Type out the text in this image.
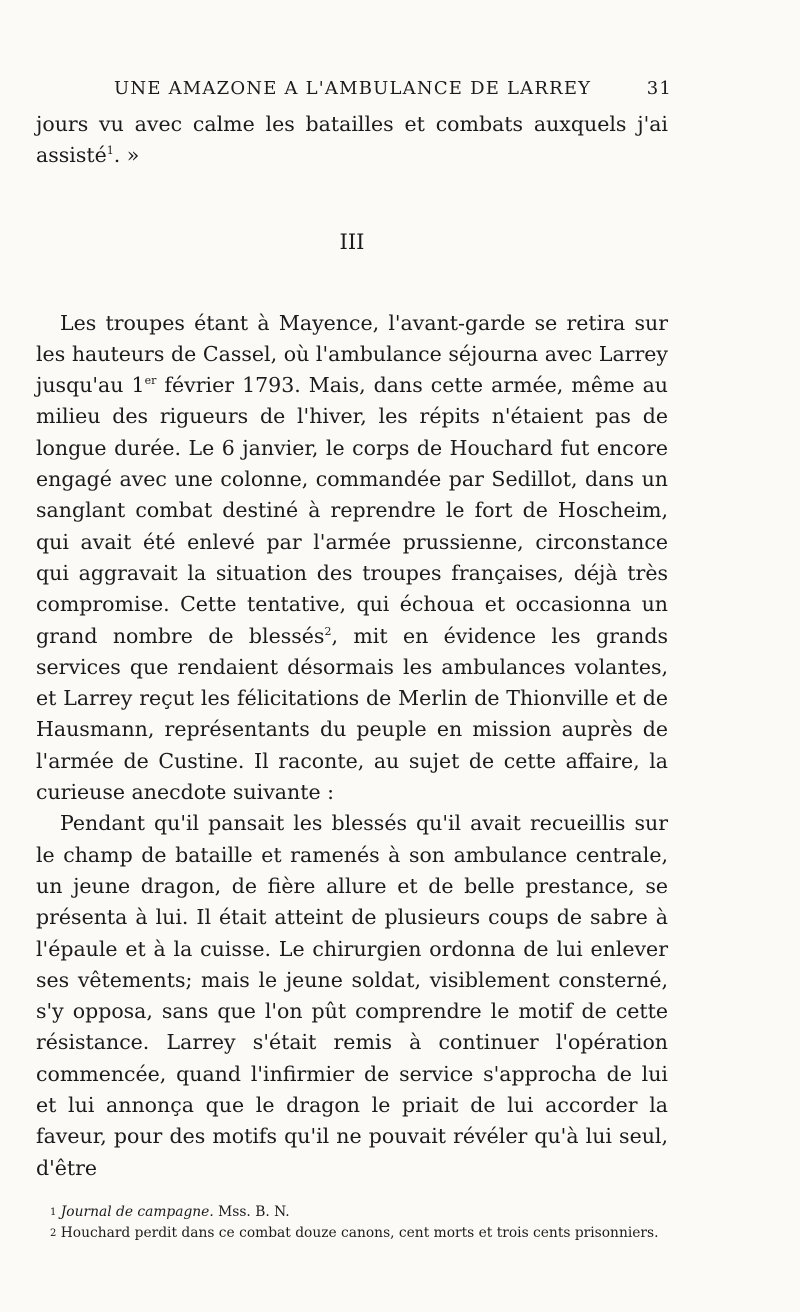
UNE AMAZONE A L'AMBULANCE DE LARREY	31

jours vu avec calme les batailles et combats auxquels j'ai assisté$^1$. »

III

Les troupes étant à Mayence, l'avant-garde se retira sur les hauteurs de Cassel, où l'ambulance séjourna avec Larrey jusqu'au 1er février 1793. Mais, dans cette armée, même au milieu des rigueurs de l'hiver, les répits n'étaient pas de longue durée. Le 6 janvier, le corps de Houchard fut encore engagé avec une colonne, commandée par Sedillot, dans un sanglant combat destiné à reprendre le fort de Hoscheim, qui avait été enlevé par l'armée prussienne, circonstance qui aggravait la situation des troupes françaises, déjà très compromise. Cette tentative, qui échoua et occasionna un grand nombre de blessés$^2$, mit en évidence les grands services que rendaient désormais les ambulances volantes, et Larrey reçut les félicitations de Merlin de Thionville et de Hausmann, représentants du peuple en mission auprès de l'armée de Custine. Il raconte, au sujet de cette affaire, la curieuse anecdote suivante :

Pendant qu'il pansait les blessés qu'il avait recueillis sur le champ de bataille et ramenés à son ambulance centrale, un jeune dragon, de fière allure et de belle prestance, se présenta à lui. Il était atteint de plusieurs coups de sabre à l'épaule et à la cuisse. Le chirurgien ordonna de lui enlever ses vêtements; mais le jeune soldat, visiblement consterné, s'y opposa, sans que l'on pût comprendre le motif de cette résistance. Larrey s'était remis à continuer l'opération commencée, quand l'infirmier de service s'approcha de lui et lui annonça que le dragon le priait de lui accorder la faveur, pour des motifs qu'il ne pouvait révéler qu'à lui seul, d'être

$^1$ Journal de campagne. Mss. B. N.
$^2$ Houchard perdit dans ce combat douze canons, cent morts et trois cents prisonniers.
